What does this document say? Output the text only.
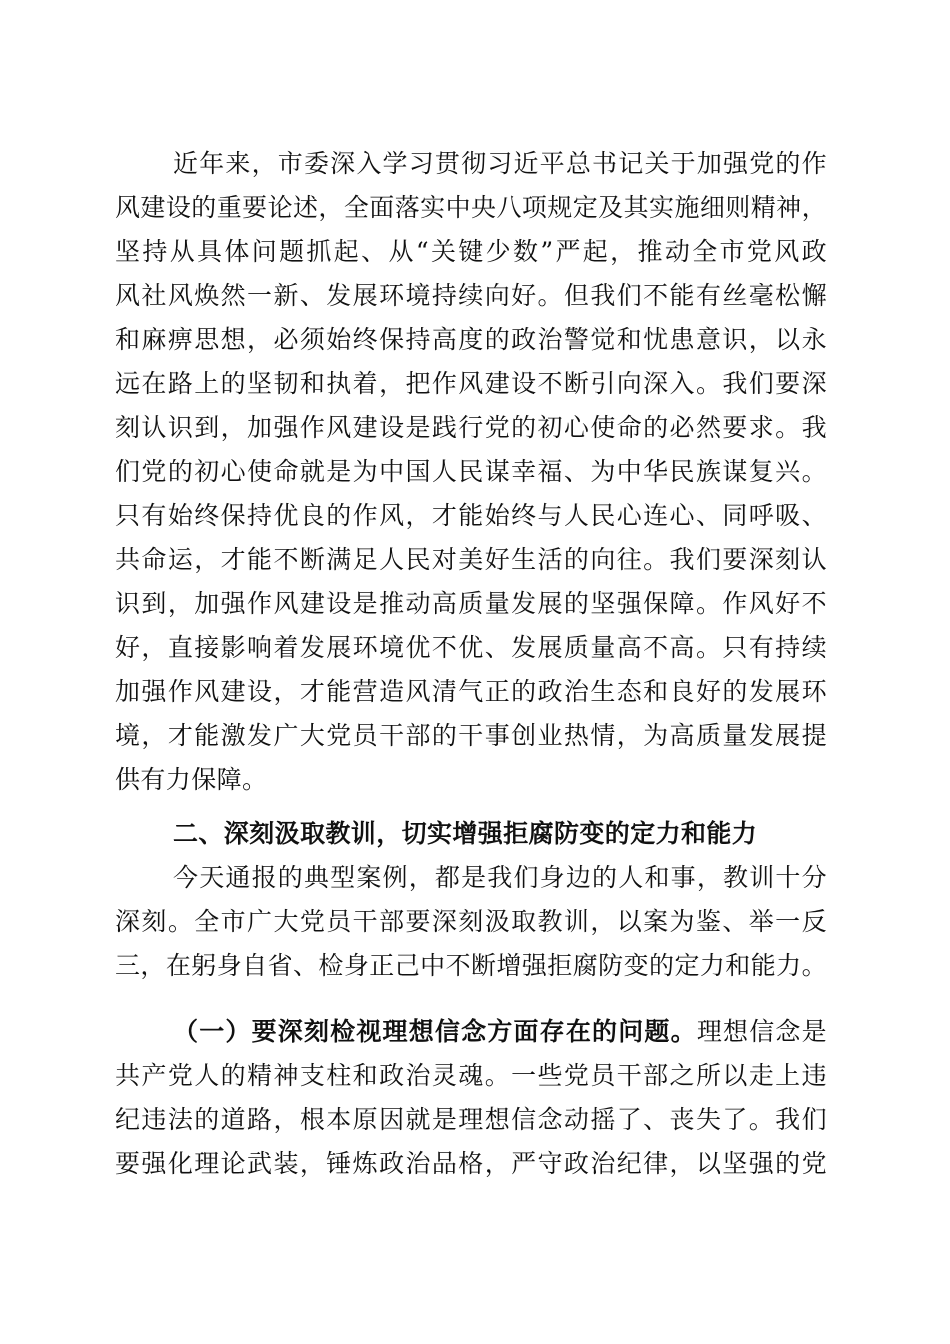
近年来，市委深入学习贯彻习近平总书记关于加强党的作
风建设的重要论述，全面落实中央八项规定及其实施细则精神，
坚持从具体问题抓起、从“关键少数”严起，推动全市党风政
风社风焕然一新、发展环境持续向好。但我们不能有丝毫松懈
和麻痹思想，必须始终保持高度的政治警觉和忧患意识，以永
远在路上的坚韧和执着，把作风建设不断引向深入。我们要深
刻认识到，加强作风建设是践行党的初心使命的必然要求。我
们党的初心使命就是为中国人民谋幸福、为中华民族谋复兴。
只有始终保持优良的作风，才能始终与人民心连心、同呼吸、
共命运，才能不断满足人民对美好生活的向往。我们要深刻认
识到，加强作风建设是推动高质量发展的坚强保障。作风好不
好，直接影响着发展环境优不优、发展质量高不高。只有持续
加强作风建设，才能营造风清气正的政治生态和良好的发展环
境，才能激发广大党员干部的干事创业热情，为高质量发展提
供有力保障。
二、深刻汲取教训，切实增强拒腐防变的定力和能力
今天通报的典型案例，都是我们身边的人和事，教训十分
深刻。全市广大党员干部要深刻汲取教训，以案为鉴、举一反
三，在躬身自省、检身正己中不断增强拒腐防变的定力和能力。
（一）要深刻检视理想信念方面存在的问题。理想信念是
共产党人的精神支柱和政治灵魂。一些党员干部之所以走上违
纪违法的道路，根本原因就是理想信念动摇了、丧失了。我们
要强化理论武装，锤炼政治品格，严守政治纪律，以坚强的党
